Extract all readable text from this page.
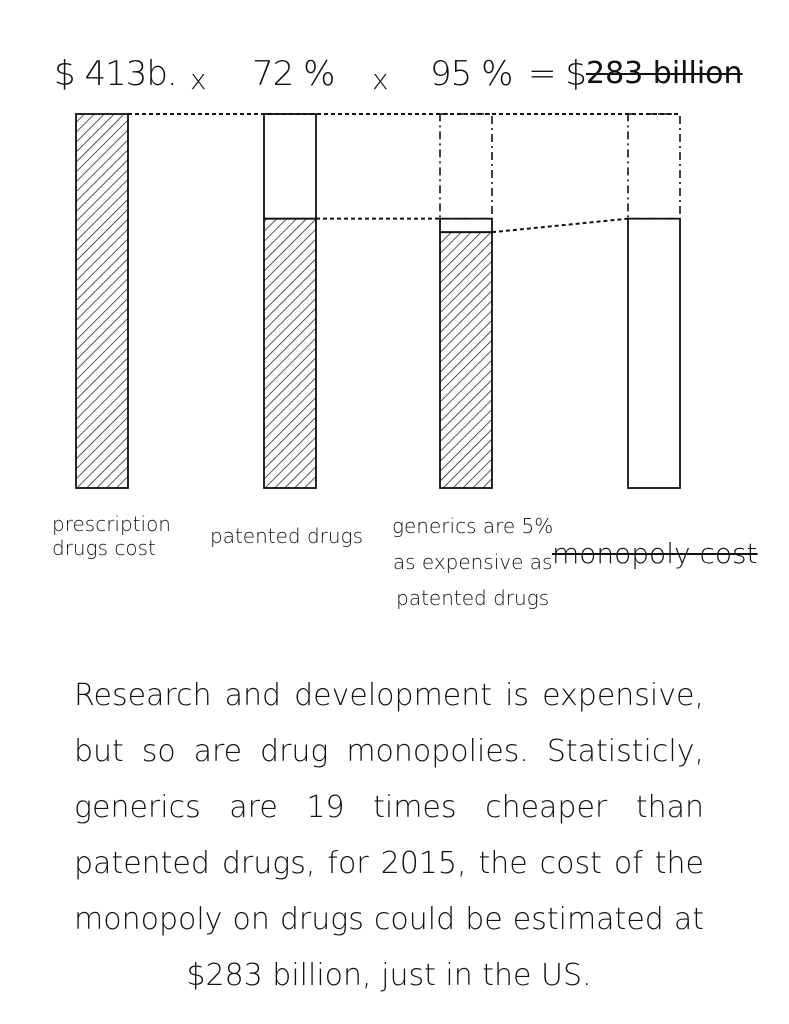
$ 413b. x 72 % x 95 % = $ 283 billion
prescription
drugs cost	patented drugs generics are 5%
as expensive as
patented drugs

monopoly cost

Research and development is expensive, but so are drug monopolies. Statisticly, generics are 19 times cheaper than patented drugs, for 2015, the cost of the monopoly on drugs could be estimated at $283 billion, just in the US.
